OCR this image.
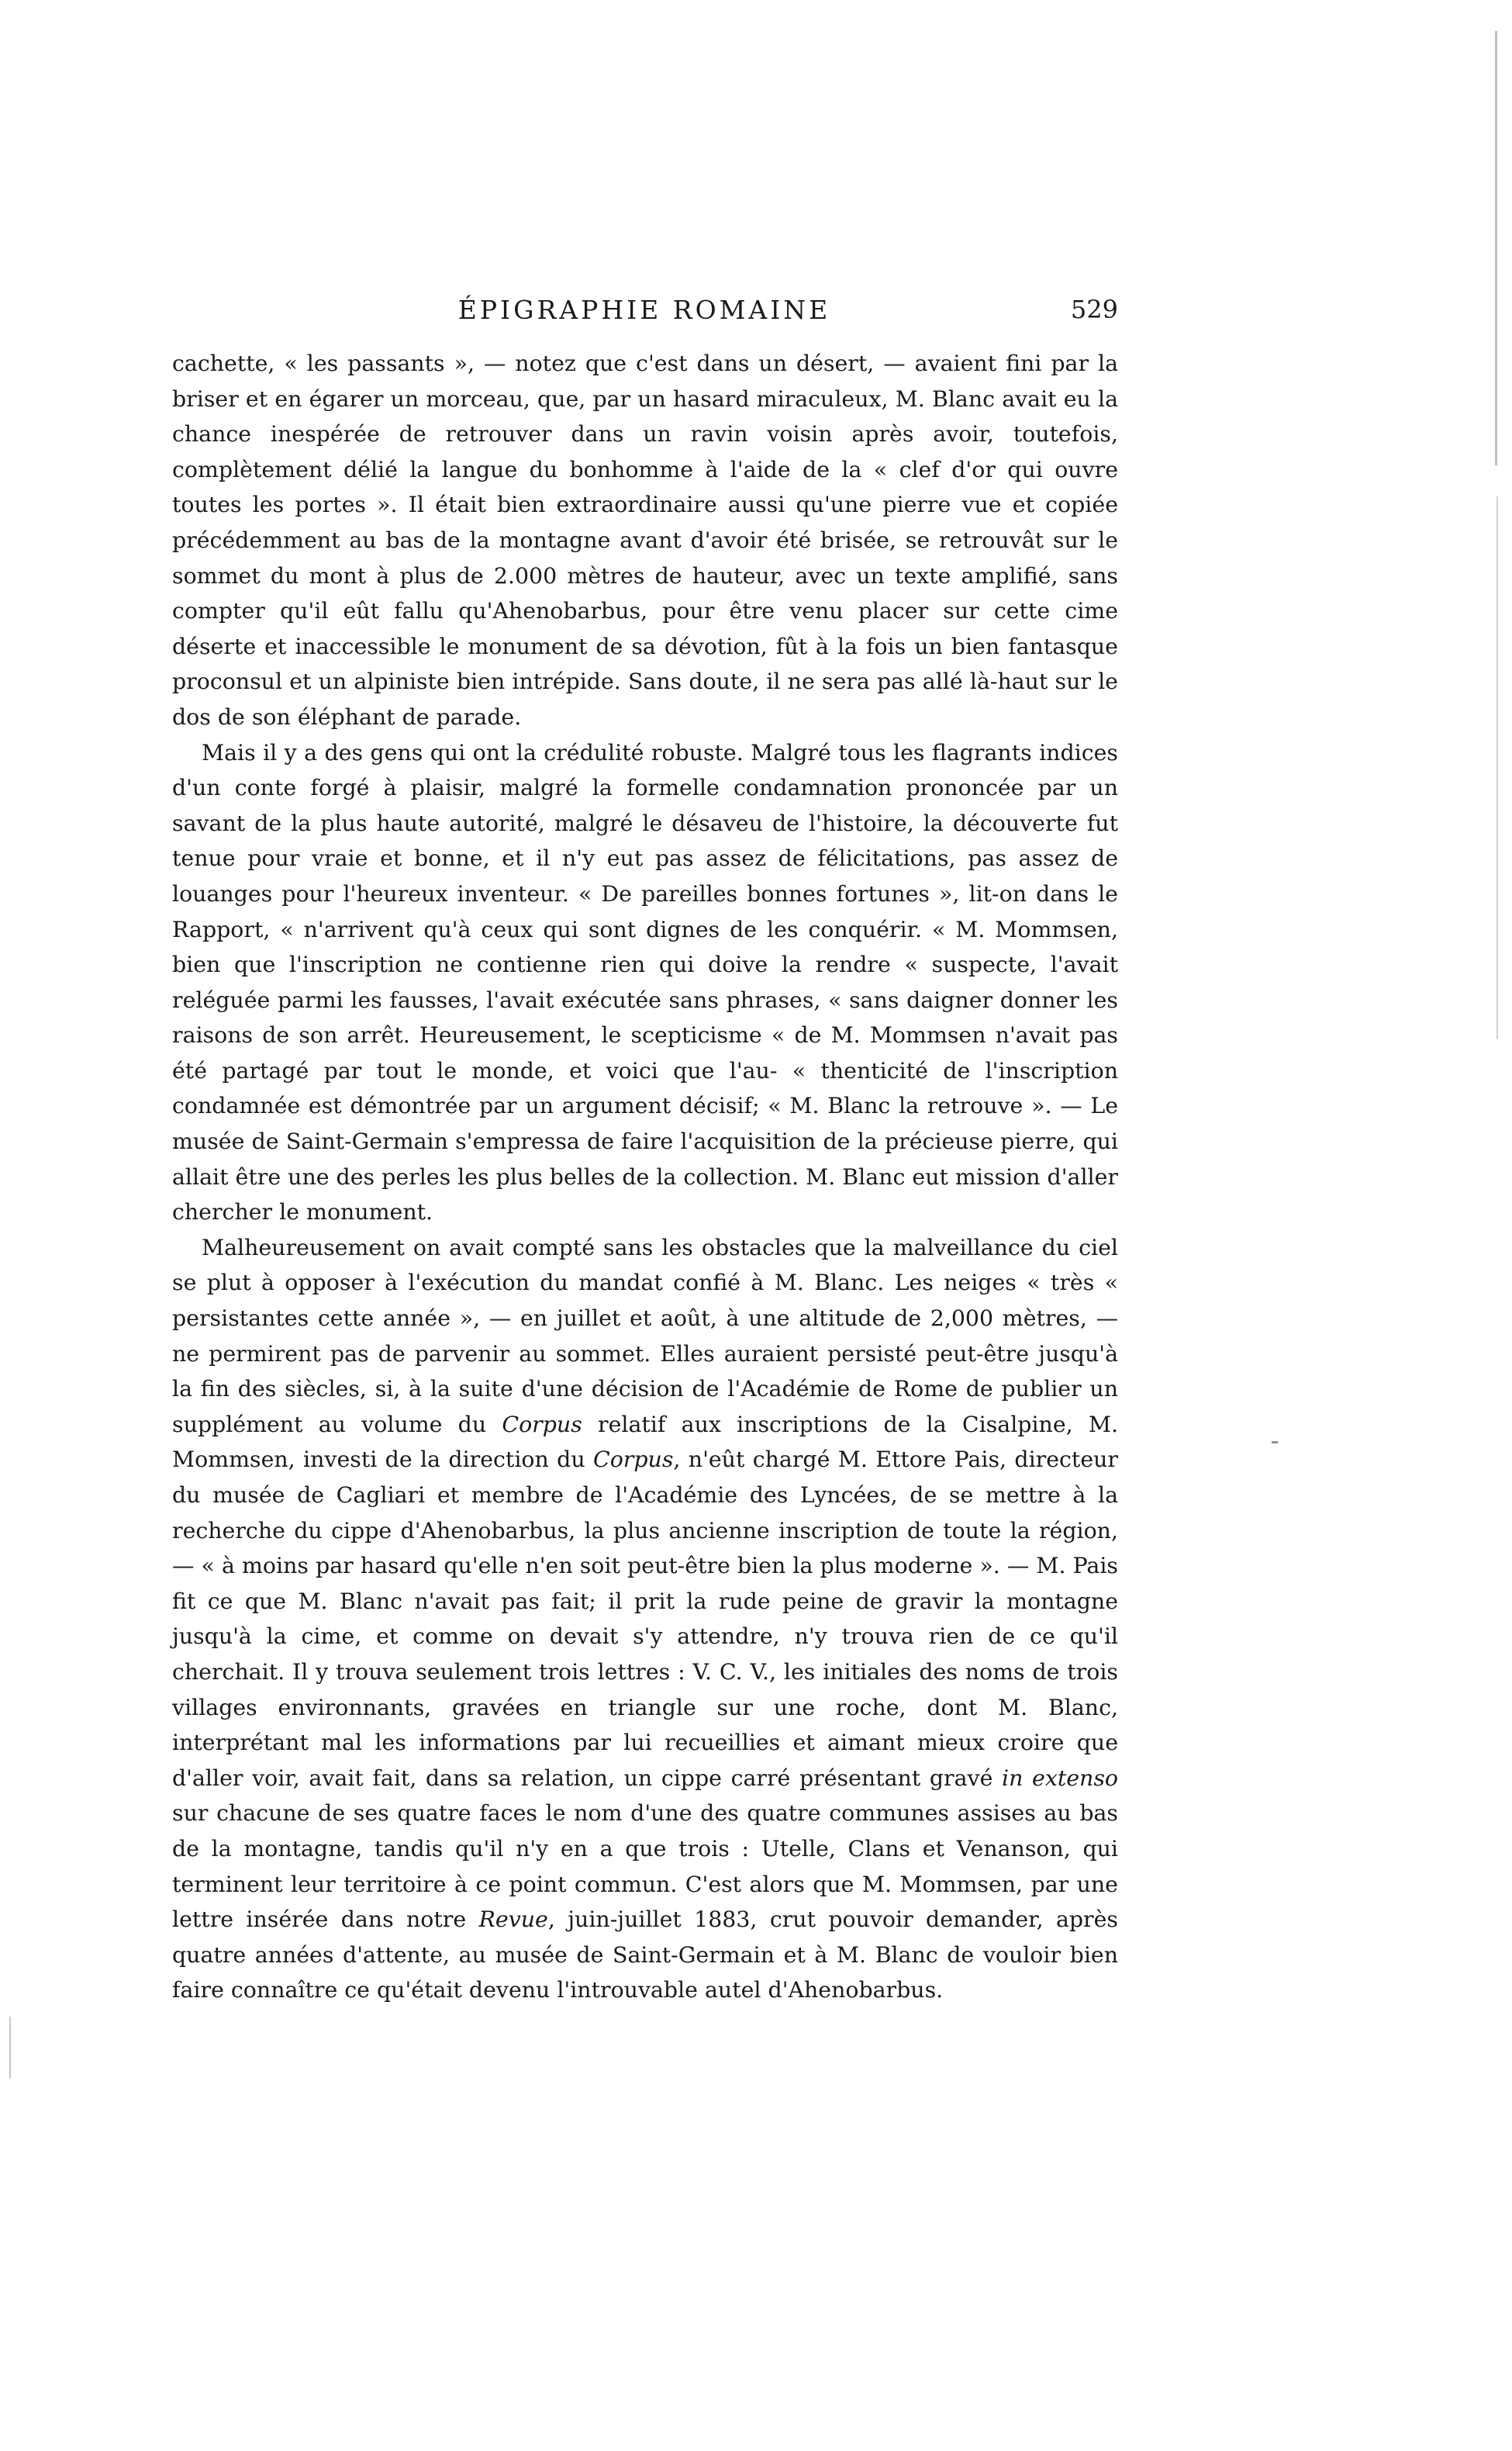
ÉPIGRAPHIE ROMAINE	529

cachette, « les passants », — notez que c'est dans un désert, — avaient fini par la briser et en égarer un morceau, que, par un hasard miraculeux, M. Blanc avait eu la chance inespérée de retrouver dans un ravin voisin après avoir, toutefois, complètement délié la langue du bonhomme à l'aide de la « clef d'or qui ouvre toutes les portes ». Il était bien extraordinaire aussi qu'une pierre vue et copiée précédemment au bas de la montagne avant d'avoir été brisée, se retrouvât sur le sommet du mont à plus de 2.000 mètres de hauteur, avec un texte amplifié, sans compter qu'il eût fallu qu'Ahenobarbus, pour être venu placer sur cette cime déserte et inaccessible le monument de sa dévotion, fût à la fois un bien fantasque proconsul et un alpiniste bien intrépide. Sans doute, il ne sera pas allé là-haut sur le dos de son éléphant de parade.

Mais il y a des gens qui ont la crédulité robuste. Malgré tous les flagrants indices d'un conte forgé à plaisir, malgré la formelle condamnation prononcée par un savant de la plus haute autorité, malgré le désaveu de l'histoire, la découverte fut tenue pour vraie et bonne, et il n'y eut pas assez de félicitations, pas assez de louanges pour l'heureux inventeur. « De pareilles bonnes fortunes », lit-on dans le Rapport, « n'arrivent qu'à ceux qui sont dignes de les conquérir. « M. Mommsen, bien que l'inscription ne contienne rien qui doive la rendre « suspecte, l'avait reléguée parmi les fausses, l'avait exécutée sans phrases, « sans daigner donner les raisons de son arrêt. Heureusement, le scepticisme « de M. Mommsen n'avait pas été partagé par tout le monde, et voici que l'au- « thenticité de l'inscription condamnée est démontrée par un argument décisif; « M. Blanc la retrouve ». — Le musée de Saint-Germain s'empressa de faire l'acquisition de la précieuse pierre, qui allait être une des perles les plus belles de la collection. M. Blanc eut mission d'aller chercher le monument.

Malheureusement on avait compté sans les obstacles que la malveillance du ciel se plut à opposer à l'exécution du mandat confié à M. Blanc. Les neiges « très « persistantes cette année », — en juillet et août, à une altitude de 2,000 mètres, — ne permirent pas de parvenir au sommet. Elles auraient persisté peut-être jusqu'à la fin des siècles, si, à la suite d'une décision de l'Académie de Rome de publier un supplément au volume du Corpus relatif aux inscriptions de la Cisalpine, M. Mommsen, investi de la direction du Corpus, n'eût chargé M. Ettore Pais, directeur du musée de Cagliari et membre de l'Académie des Lyncées, de se mettre à la recherche du cippe d'Ahenobarbus, la plus ancienne inscription de toute la région, — « à moins par hasard qu'elle n'en soit peut-être bien la plus moderne ». — M. Pais fit ce que M. Blanc n'avait pas fait; il prit la rude peine de gravir la montagne jusqu'à la cime, et comme on devait s'y attendre, n'y trouva rien de ce qu'il cherchait. Il y trouva seulement trois lettres : V. C. V., les initiales des noms de trois villages environnants, gravées en triangle sur une roche, dont M. Blanc, interprétant mal les informations par lui recueillies et aimant mieux croire que d'aller voir, avait fait, dans sa relation, un cippe carré présentant gravé in extenso sur chacune de ses quatre faces le nom d'une des quatre communes assises au bas de la montagne, tandis qu'il n'y en a que trois : Utelle, Clans et Venanson, qui terminent leur territoire à ce point commun. C'est alors que M. Mommsen, par une lettre insérée dans notre Revue, juin-juillet 1883, crut pouvoir demander, après quatre années d'attente, au musée de Saint-Germain et à M. Blanc de vouloir bien faire connaître ce qu'était devenu l'introuvable autel d'Ahenobarbus.
